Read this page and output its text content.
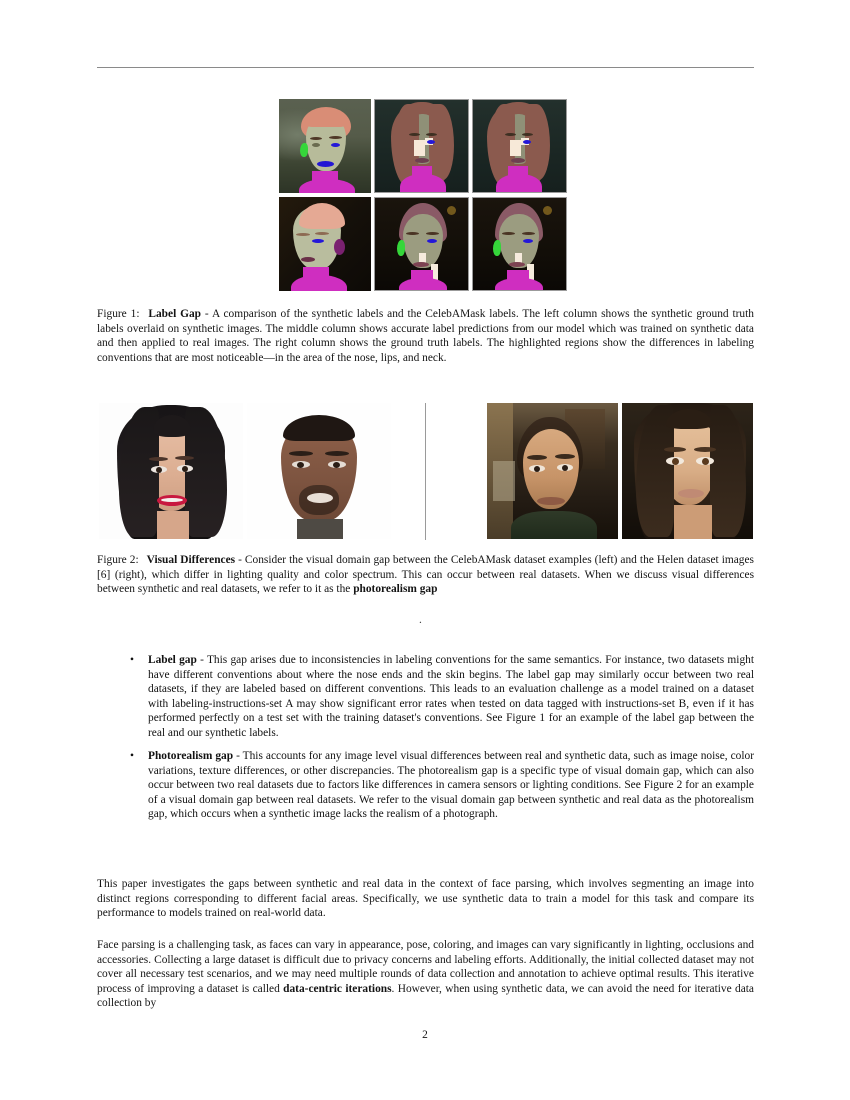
Figure 1: Label Gap - A comparison of the synthetic labels and the CelebAMask labels. The left column shows the synthetic ground truth labels overlaid on synthetic images. The middle column shows accurate label predictions from our model which was trained on synthetic data and then applied to real images. The right column shows the ground truth labels. The highlighted regions show the differences in labeling conventions that are most noticeable—in the area of the nose, lips, and neck.

Figure 2: Visual Differences - Consider the visual domain gap between the CelebAMask dataset examples (left) and the Helen dataset images [6] (right), which differ in lighting quality and color spectrum. This can occur between real datasets. When we discuss visual differences between synthetic and real datasets, we refer to it as the photorealism gap

.
• Label gap - This gap arises due to inconsistencies in labeling conventions for the same semantics. For instance, two datasets might have different conventions about where the nose ends and the skin begins. The label gap may similarly occur between two real datasets, if they are labeled based on different conventions. This leads to an evaluation challenge as a model trained on a dataset with labeling-instructions-set A may show significant error rates when tested on data tagged with instructions-set B, even if it has performed perfectly on a test set with the training dataset's conventions. See Figure 1 for an example of the label gap between the real and our synthetic labels.
• Photorealism gap - This accounts for any image level visual differences between real and synthetic data, such as image noise, color variations, texture differences, or other discrepancies. The photorealism gap is a specific type of visual domain gap, which can also occur between two real datasets due to factors like differences in camera sensors or lighting conditions. See Figure 2 for an example of a visual domain gap between real datasets. We refer to the visual domain gap between synthetic and real data as the photorealism gap, which occurs when a synthetic image lacks the realism of a photograph.

This paper investigates the gaps between synthetic and real data in the context of face parsing, which involves segmenting an image into distinct regions corresponding to different facial areas. Specifically, we use synthetic data to train a model for this task and compare its performance to models trained on real-world data.

Face parsing is a challenging task, as faces can vary in appearance, pose, coloring, and images can vary significantly in lighting, occlusions and accessories. Collecting a large dataset is difficult due to privacy concerns and labeling efforts. Additionally, the initial collected dataset may not cover all necessary test scenarios, and we may need multiple rounds of data collection and annotation to achieve optimal results. This iterative process of improving a dataset is called data-centric iterations. However, when using synthetic data, we can avoid the need for iterative data collection by

2
